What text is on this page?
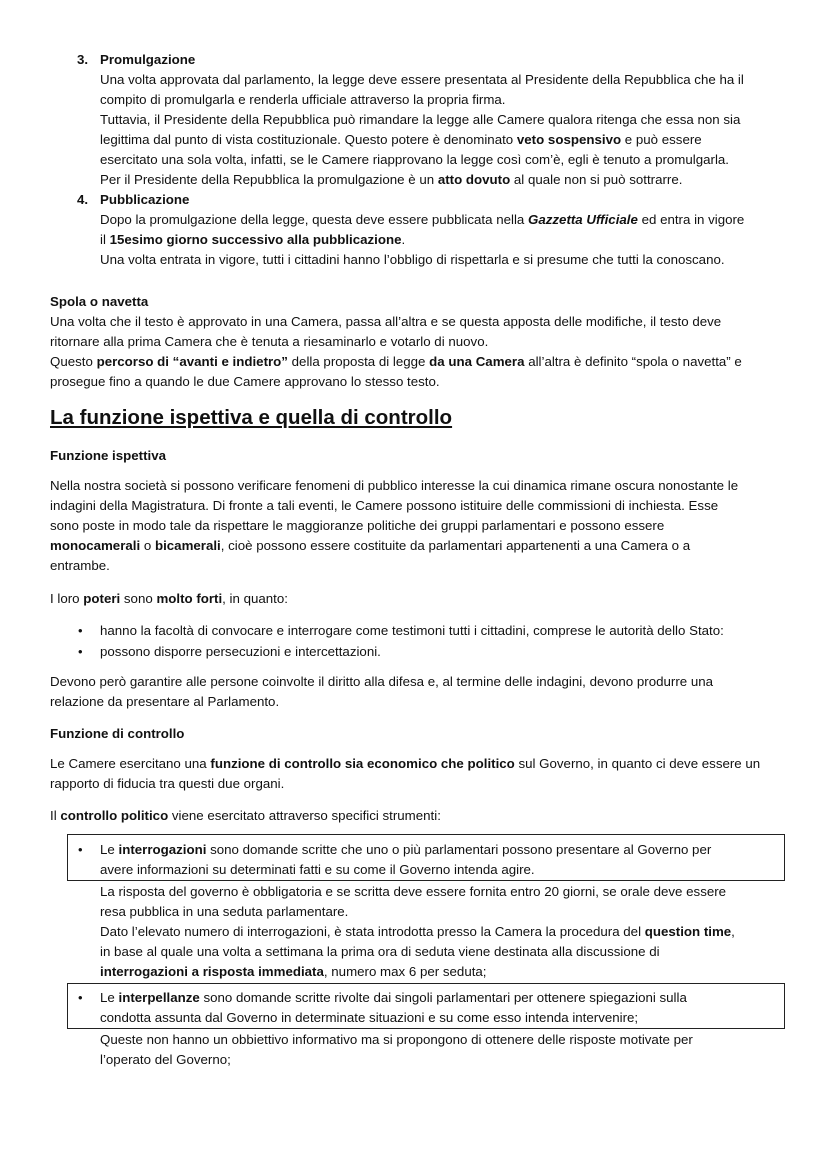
3. Promulgazione
Una volta approvata dal parlamento, la legge deve essere presentata al Presidente della Repubblica che ha il
compito di promulgarla e renderla ufficiale attraverso la propria firma.
Tuttavia, il Presidente della Repubblica può rimandare la legge alle Camere qualora ritenga che essa non sia
legittima dal punto di vista costituzionale. Questo potere è denominato veto sospensivo e può essere
esercitato una sola volta, infatti, se le Camere riapprovano la legge così com’è, egli è tenuto a promulgarla.
Per il Presidente della Repubblica la promulgazione è un atto dovuto al quale non si può sottrarre.
4. Pubblicazione
Dopo la promulgazione della legge, questa deve essere pubblicata nella Gazzetta Ufficiale ed entra in vigore
il 15esimo giorno successivo alla pubblicazione.
Una volta entrata in vigore, tutti i cittadini hanno l’obbligo di rispettarla e si presume che tutti la conoscano.
Spola o navetta
Una volta che il testo è approvato in una Camera, passa all’altra e se questa apposta delle modifiche, il testo deve
ritornare alla prima Camera che è tenuta a riesaminarlo e votarlo di nuovo.
Questo percorso di “avanti e indietro” della proposta di legge da una Camera all’altra è definito “spola o navetta” e
prosegue fino a quando le due Camere approvano lo stesso testo.
La funzione ispettiva e quella di controllo
Funzione ispettiva
Nella nostra società si possono verificare fenomeni di pubblico interesse la cui dinamica rimane oscura nonostante le
indagini della Magistratura. Di fronte a tali eventi, le Camere possono istituire delle commissioni di inchiesta. Esse
sono poste in modo tale da rispettare le maggioranze politiche dei gruppi parlamentari e possono essere
monocamerali o bicamerali, cioè possono essere costituite da parlamentari appartenenti a una Camera o a
entrambe.
I loro poteri sono molto forti, in quanto:
• hanno la facoltà di convocare e interrogare come testimoni tutti i cittadini, comprese le autorità dello Stato:
• possono disporre persecuzioni e intercettazioni.
Devono però garantire alle persone coinvolte il diritto alla difesa e, al termine delle indagini, devono produrre una
relazione da presentare al Parlamento.
Funzione di controllo
Le Camere esercitano una funzione di controllo sia economico che politico sul Governo, in quanto ci deve essere un
rapporto di fiducia tra questi due organi.
Il controllo politico viene esercitato attraverso specifici strumenti:
• Le interrogazioni sono domande scritte che uno o più parlamentari possono presentare al Governo per
avere informazioni su determinati fatti e su come il Governo intenda agire.
La risposta del governo è obbligatoria e se scritta deve essere fornita entro 20 giorni, se orale deve essere
resa pubblica in una seduta parlamentare.
Dato l’elevato numero di interrogazioni, è stata introdotta presso la Camera la procedura del question time,
in base al quale una volta a settimana la prima ora di seduta viene destinata alla discussione di
interrogazioni a risposta immediata, numero max 6 per seduta;
• Le interpellanze sono domande scritte rivolte dai singoli parlamentari per ottenere spiegazioni sulla
condotta assunta dal Governo in determinate situazioni e su come esso intenda intervenire;
Queste non hanno un obbiettivo informativo ma si propongono di ottenere delle risposte motivate per
l’operato del Governo;
